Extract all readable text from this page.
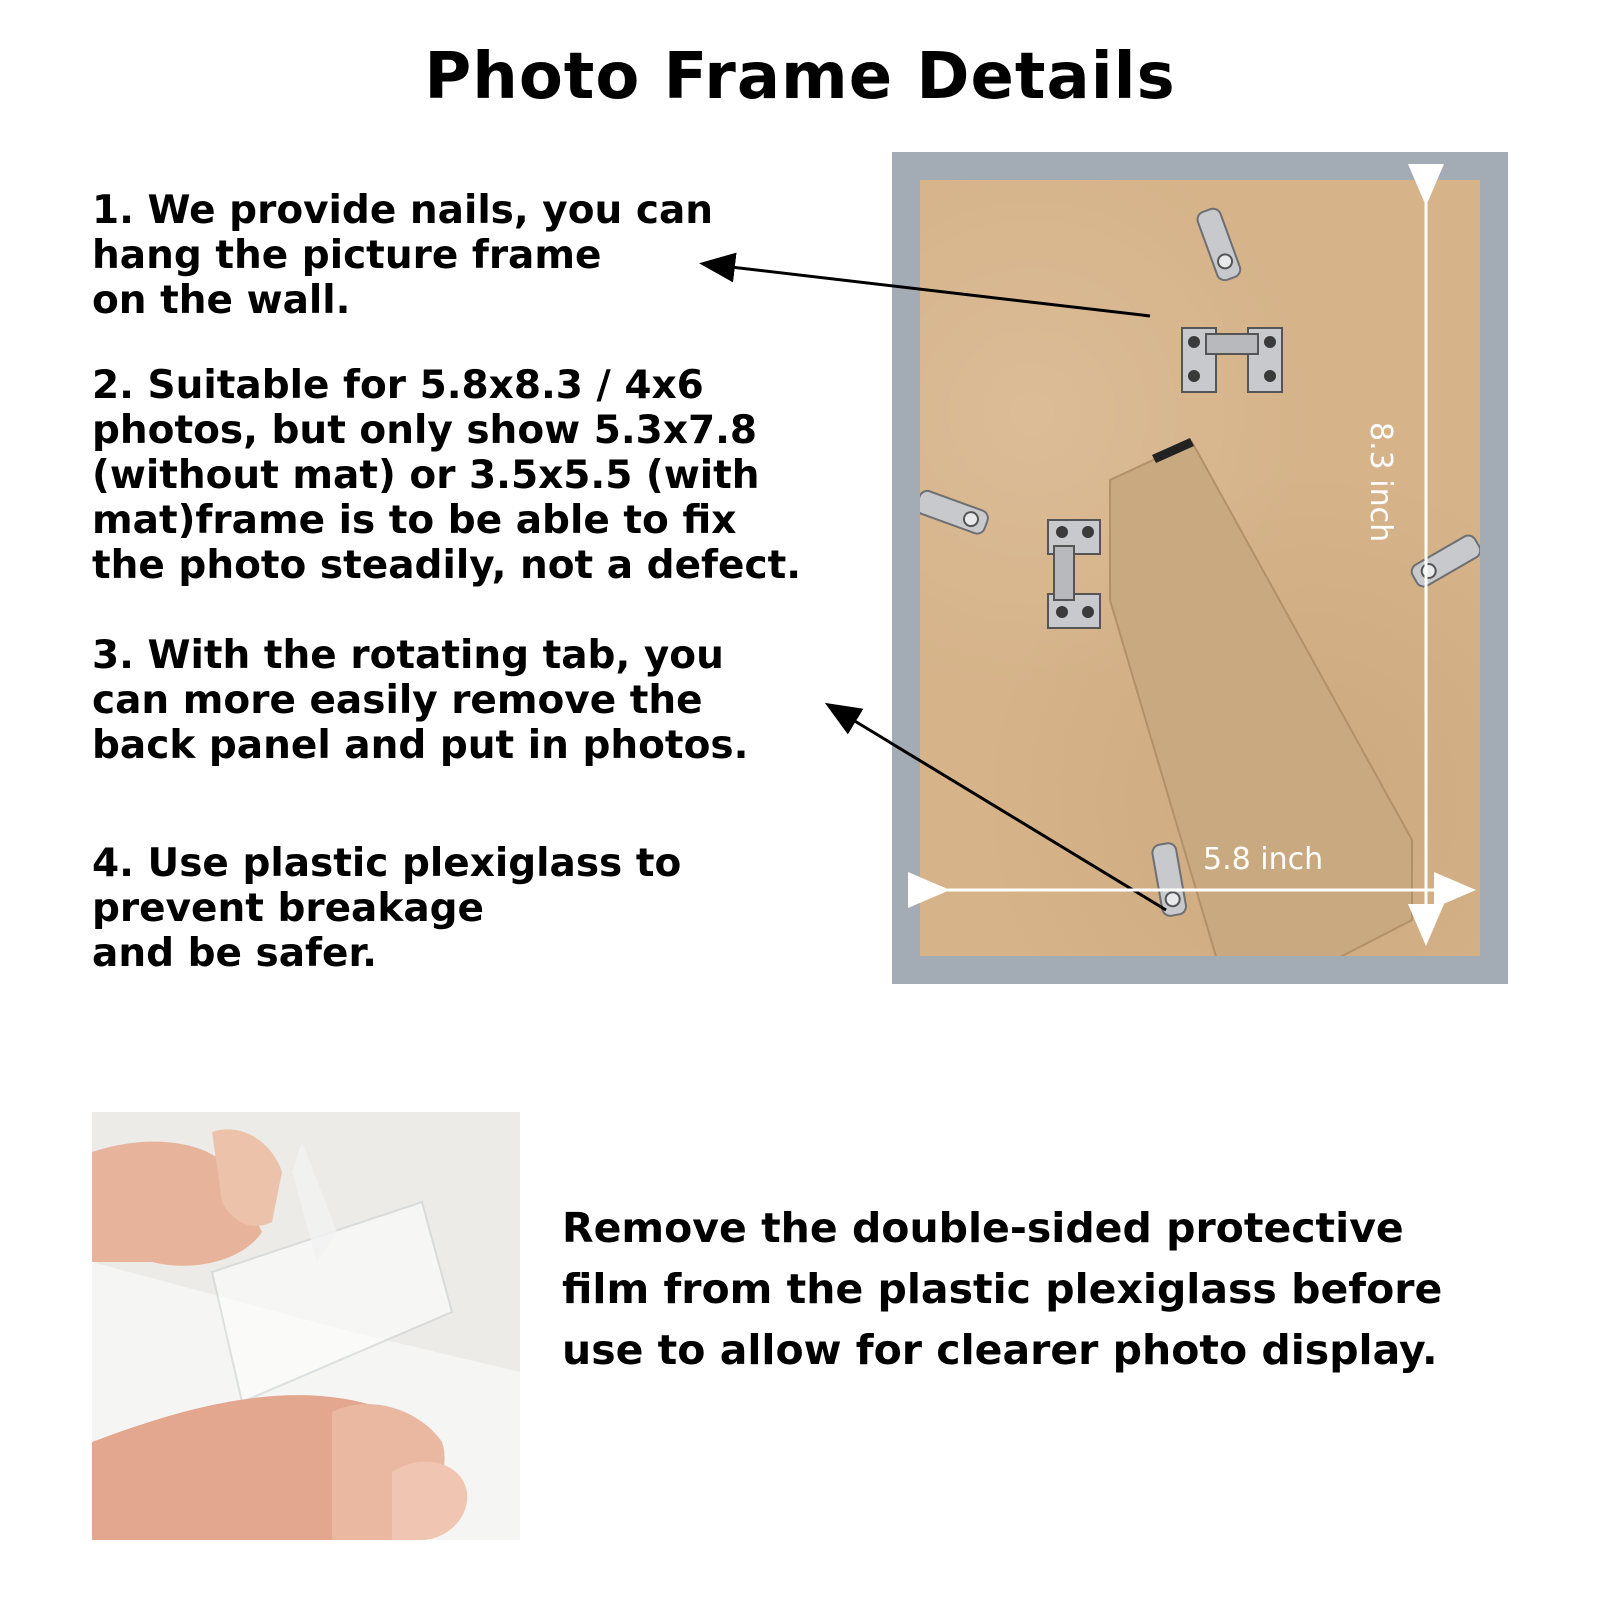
Photo Frame Details
1. We provide nails, you can
hang the picture frame
on the wall.
2. Suitable for 5.8x8.3 / 4x6
photos, but only show 5.3x7.8
(without mat) or 3.5x5.5 (with
mat)frame is to be able to fix
the photo steadily, not a defect.
3. With the rotating tab, you
can more easily remove the
back panel and put in photos.
4. Use plastic plexiglass to
prevent breakage
and be safer.
5.8 inch
8.3 inch
Remove the double-sided protective
film from the plastic plexiglass before
use to allow for clearer photo display.
